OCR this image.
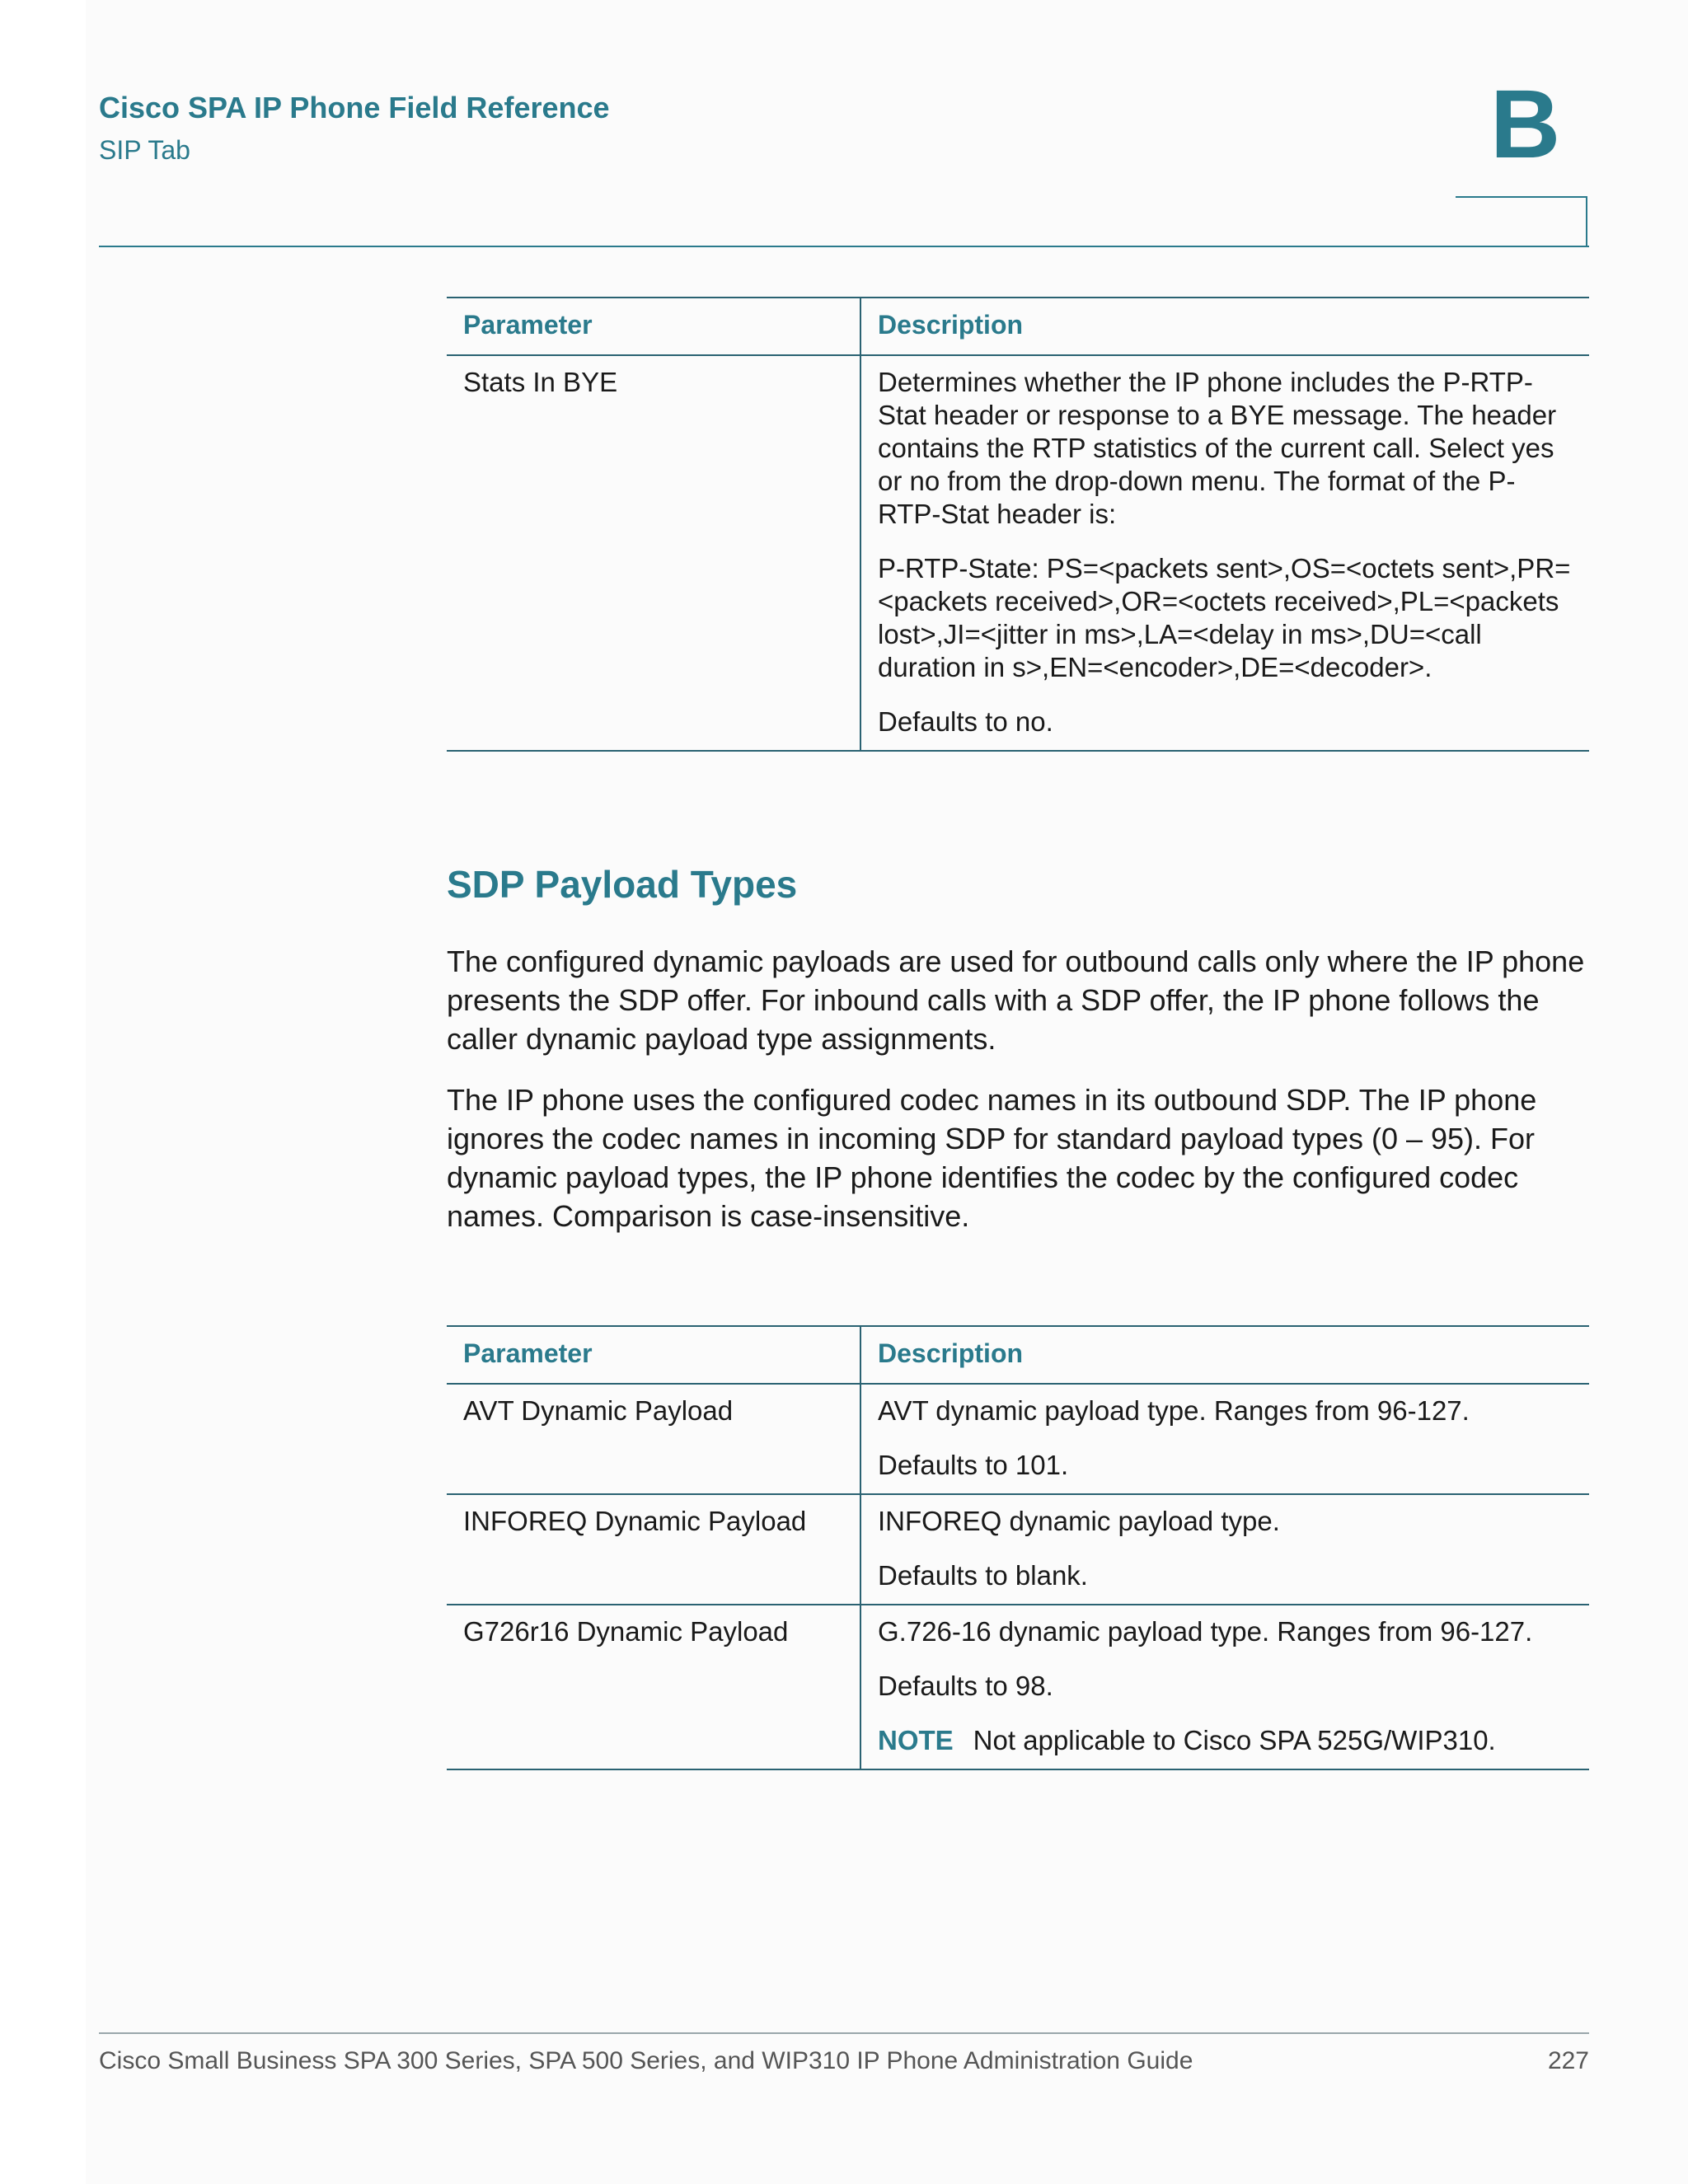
Cisco SPA IP Phone Field Reference
SIP Tab	B
Parameter	Description
Stats In BYE	Determines whether the IP phone includes the P-RTP-Stat header or response to a BYE message. The header contains the RTP statistics of the current call. Select yes or no from the drop-down menu. The format of the P-RTP-Stat header is:

P-RTP-State: PS=<packets sent>,OS=<octets sent>,PR=<packets received>,OR=<octets received>,PL=<packets lost>,JI=<jitter in ms>,LA=<delay in ms>,DU=<call duration in s>,EN=<encoder>,DE=<decoder>.

Defaults to no.

SDP Payload Types

The configured dynamic payloads are used for outbound calls only where the IP phone presents the SDP offer. For inbound calls with a SDP offer, the IP phone follows the caller dynamic payload type assignments.

The IP phone uses the configured codec names in its outbound SDP. The IP phone ignores the codec names in incoming SDP for standard payload types (0 – 95). For dynamic payload types, the IP phone identifies the codec by the configured codec names. Comparison is case-insensitive.

Parameter	Description
AVT Dynamic Payload	AVT dynamic payload type. Ranges from 96-127.

Defaults to 101.

INFOREQ Dynamic Payload	INFOREQ dynamic payload type.

Defaults to blank.

G726r16 Dynamic Payload	G.726-16 dynamic payload type. Ranges from 96-127.

Defaults to 98.

NOTE Not applicable to Cisco SPA 525G/WIP310.

Cisco Small Business SPA 300 Series, SPA 500 Series, and WIP310 IP Phone Administration Guide	227
